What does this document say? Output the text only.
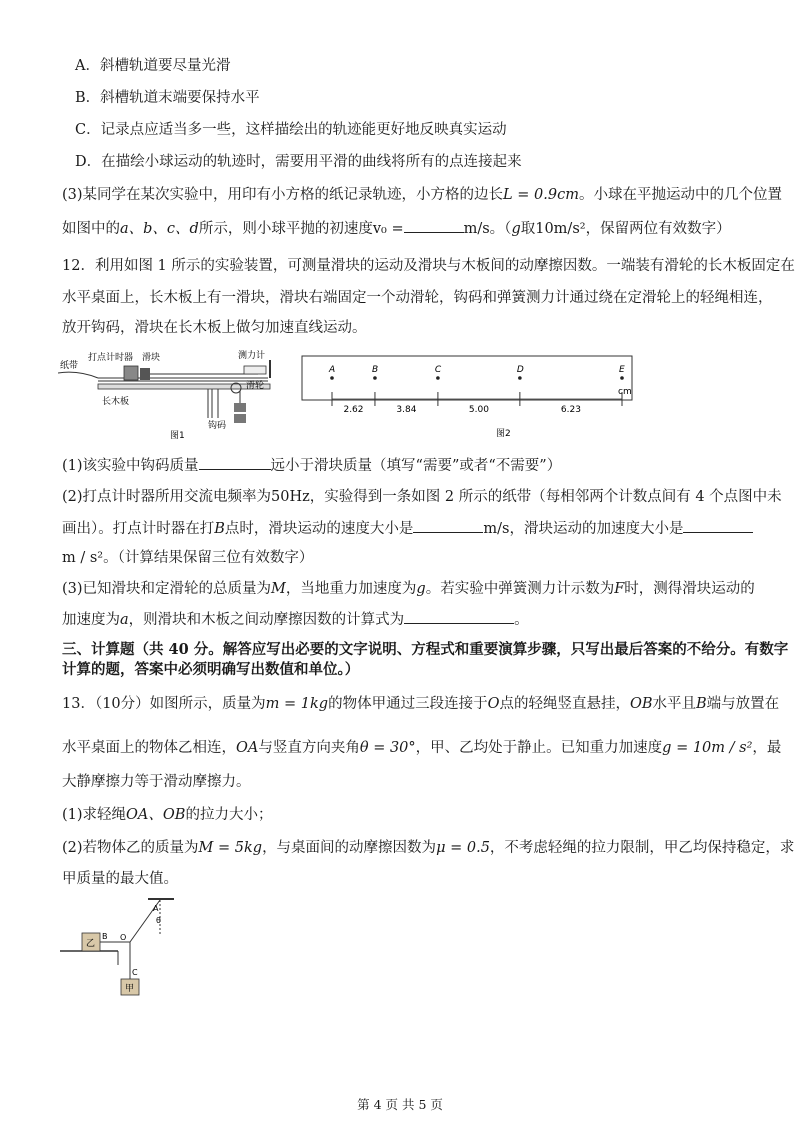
A．斜槽轨道要尽量光滑
B．斜槽轨道末端要保持水平
C．记录点应适当多一些，这样描绘出的轨迹能更好地反映真实运动
D．在描绘小球运动的轨迹时，需要用平滑的曲线将所有的点连接起来
(3)某同学在某次实验中，用印有小方格的纸记录轨迹，小方格的边长L = 0.9cm。小球在平抛运动中的几个位置
如图中的a、b、c、d所示，则小球平抛的初速度v₀ =	m/s。（g取10m/s²，保留两位有效数字）
12．利用如图 1 所示的实验装置，可测量滑块的运动及滑块与木板间的动摩擦因数。一端装有滑轮的长木板固定在
水平桌面上，长木板上有一滑块，滑块右端固定一个动滑轮，钩码和弹簧测力计通过绕在定滑轮上的轻绳相连，
放开钩码，滑块在长木板上做匀加速直线运动。
纸带
打点计时器 滑块	测力计
长木板
滑轮
钩码
图1
A	B	C	D	E
2.62	3.84	5.00	6.23
图2
cm
(1)该实验中钩码质量	远小于滑块质量（填写“需要”或者“不需要”）
(2)打点计时器所用交流电频率为50Hz，实验得到一条如图 2 所示的纸带（每相邻两个计数点间有 4 个点图中未
画出）。打点计时器在打B点时，滑块运动的速度大小是	m/s，滑块运动的加速度大小是
m / s²。（计算结果保留三位有效数字）
(3)已知滑块和定滑轮的总质量为M，当地重力加速度为g。若实验中弹簧测力计示数为F时，测得滑块运动的
加速度为a，则滑块和木板之间动摩擦因数的计算式为	。
三、计算题（共 40 分。解答应写出必要的文字说明、方程式和重要演算步骤，只写出最后答案的不给分。有数字
计算的题，答案中必须明确写出数值和单位。）
13．（10分）如图所示，质量为m = 1kg的物体甲通过三段连接于O点的轻绳竖直悬挂，OB水平且B端与放置在
水平桌面上的物体乙相连，OA与竖直方向夹角θ = 30°，甲、乙均处于静止。已知重力加速度g = 10m / s²，最
大静摩擦力等于滑动摩擦力。
(1)求轻绳OA、OB的拉力大小；
(2)若物体乙的质量为M = 5kg，与桌面间的动摩擦因数为μ = 0.5，不考虑轻绳的拉力限制，甲乙均保持稳定，求
甲质量的最大值。
A
θ
乙
B O
C
甲
第 4 页 共 5 页
